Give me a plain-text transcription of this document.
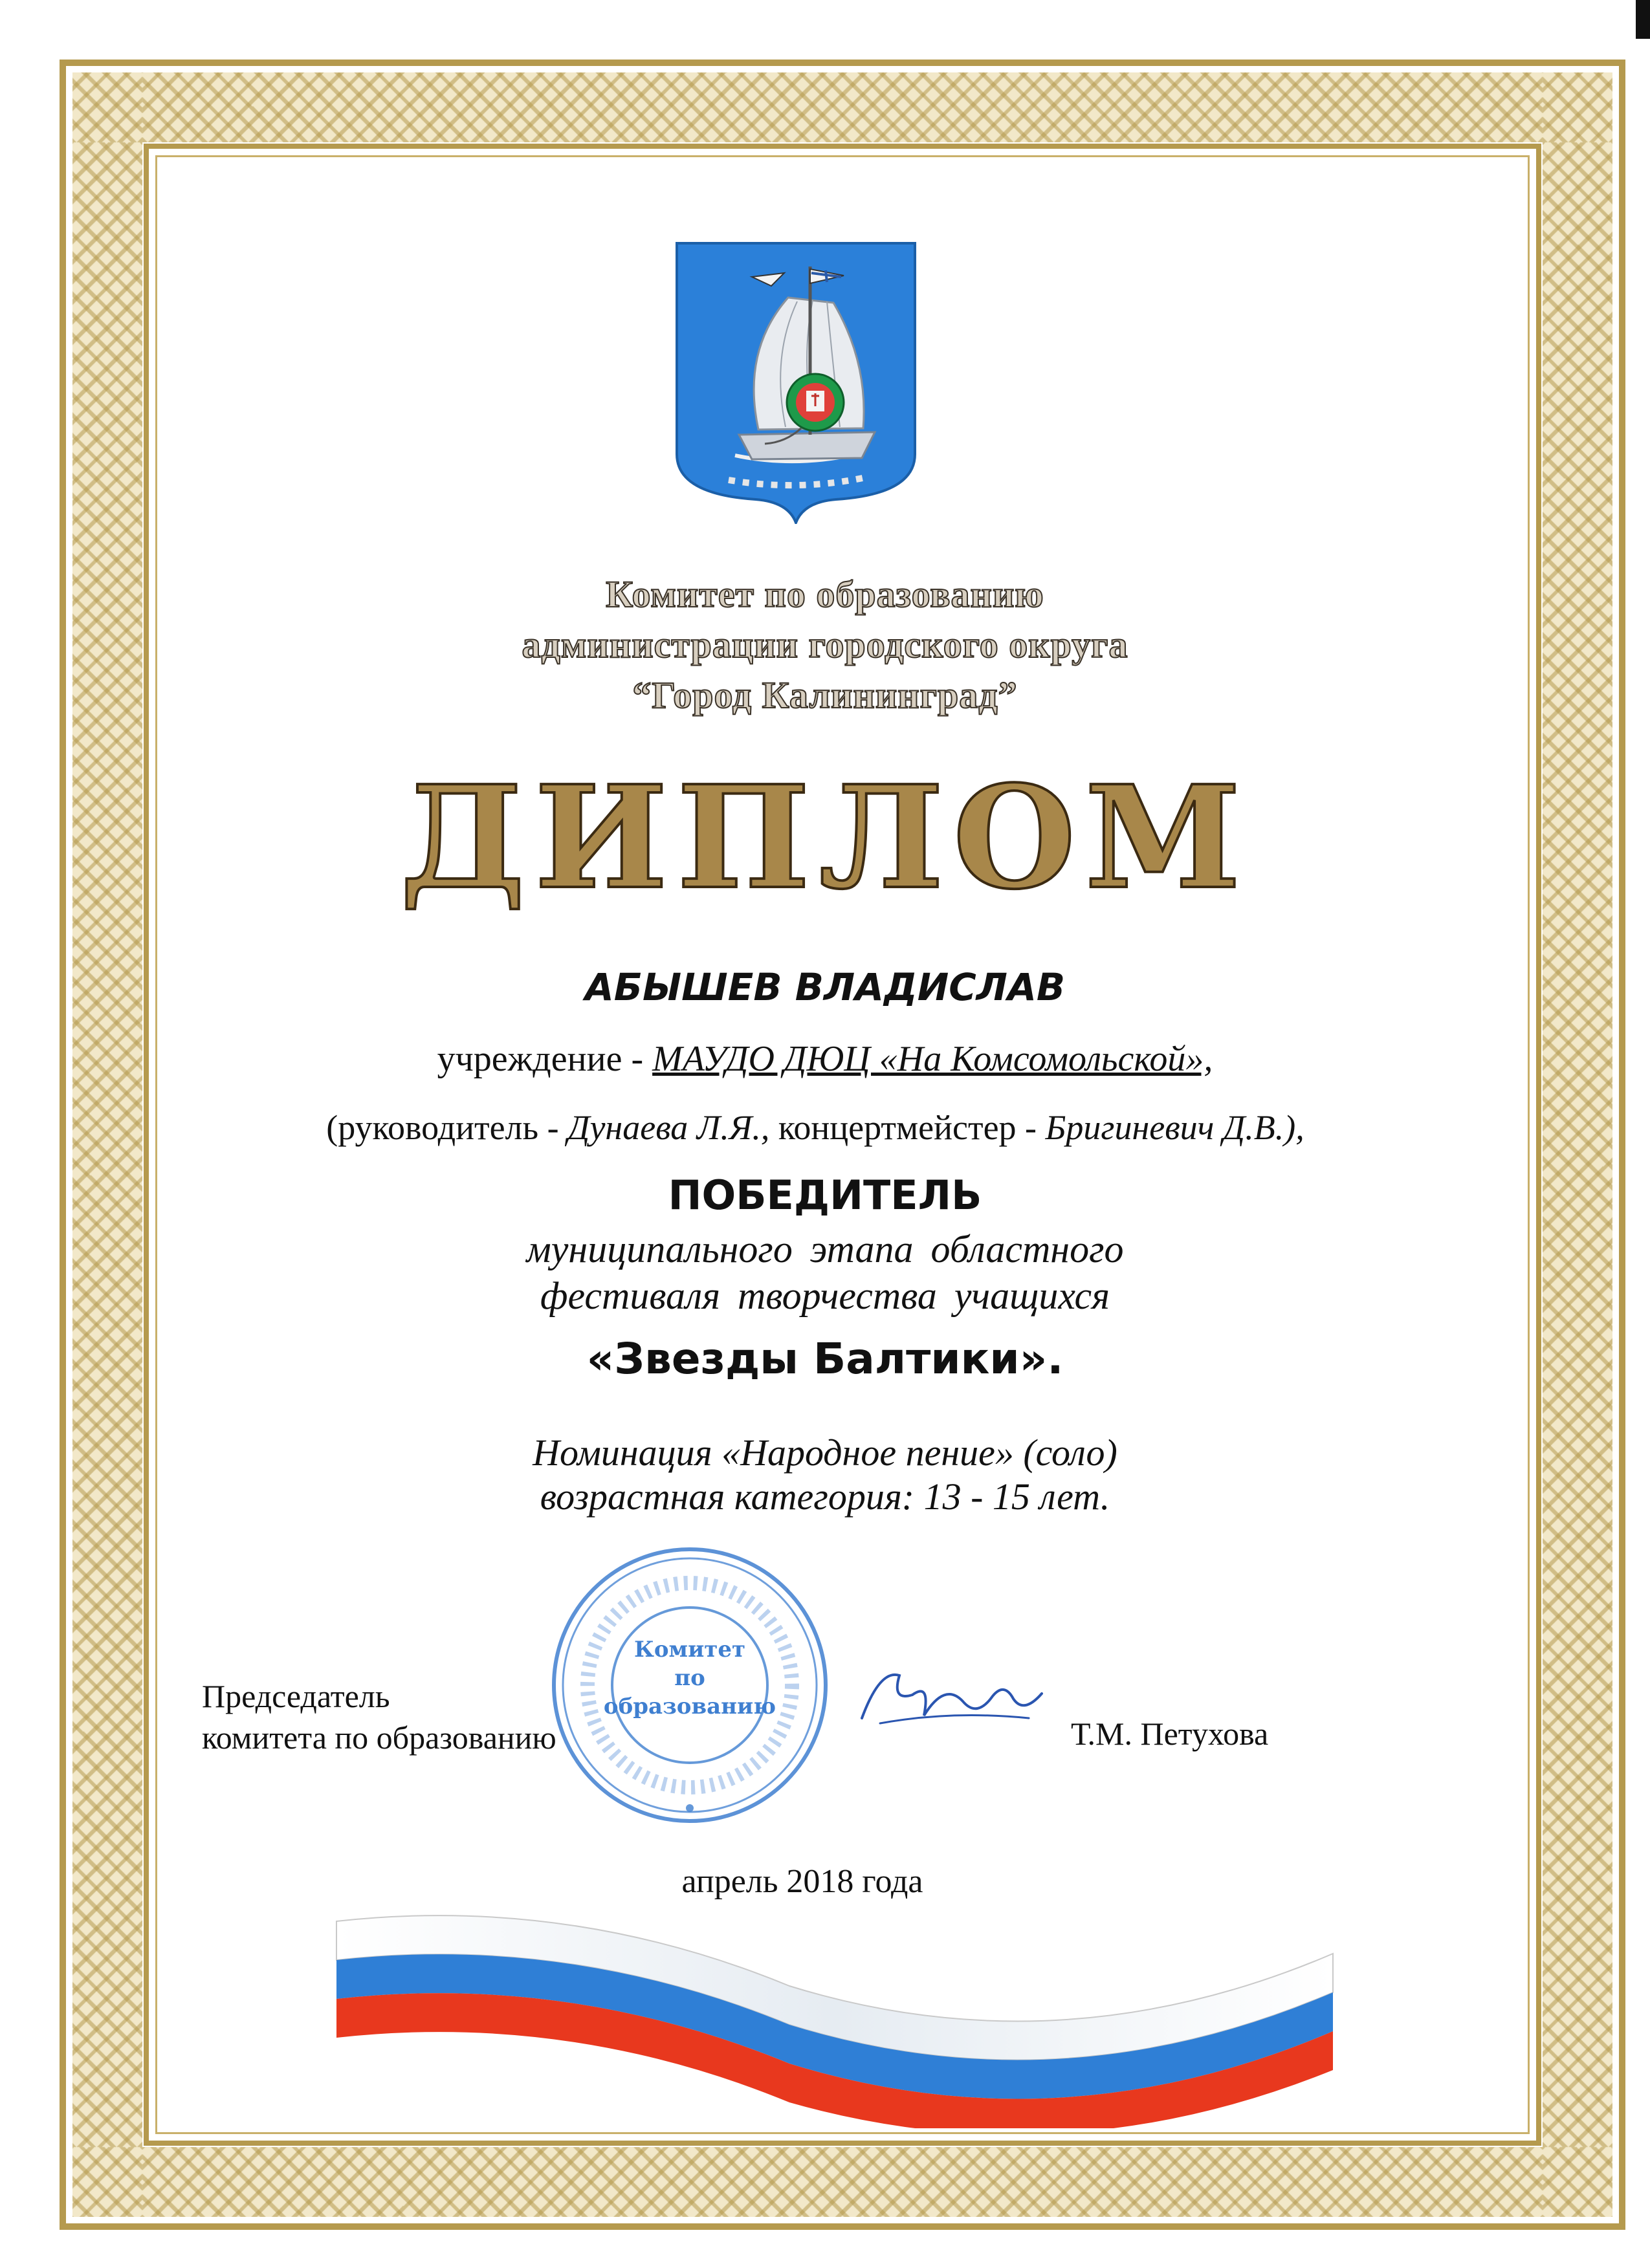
Комитет по образованию
администрации городского округа
“Город Калининград”
ДИПЛОМ
АБЫШЕВ ВЛАДИСЛАВ
учреждение - МАУДО ДЮЦ «На Комсомольской»,
(руководитель - Дунаева Л.Я., концертмейстер - Бригиневич Д.В.),
ПОБЕДИТЕЛЬ
муниципального этапа областного
фестиваля творчества учащихся
«Звезды Балтики».
Номинация «Народное пение» (соло)
возрастная категория: 13 - 15 лет.
Комитет
по
образованию
Председатель
комитета по образованию	Т.М. Петухова
апрель 2018 года
